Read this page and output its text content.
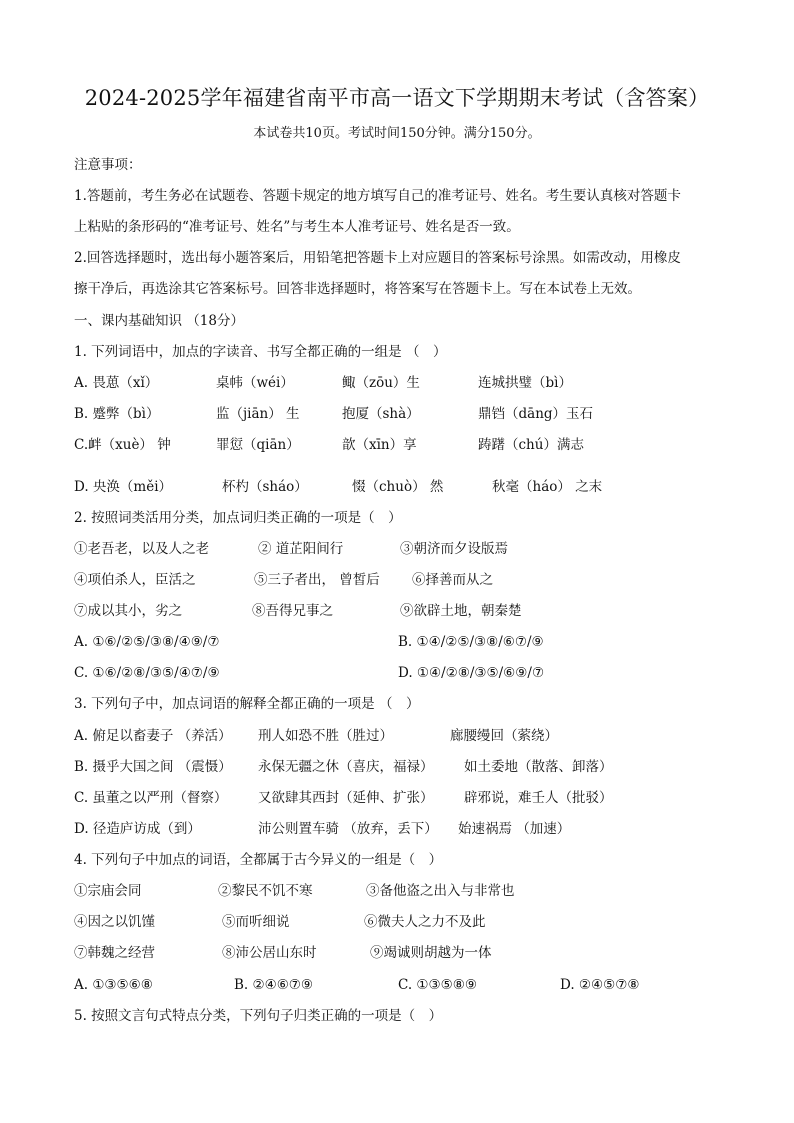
2024-2025学年福建省南平市高一语文下学期期末考试（含答案）
本试卷共10页。考试时间150分钟。满分150分。
注意事项：
1.答题前，考生务必在试题卷、答题卡规定的地方填写自己的准考证号、姓名。考生要认真核对答题卡
上粘贴的条形码的“准考证号、姓名”与考生本人准考证号、姓名是否一致。
2.回答选择题时，选出每小题答案后，用铅笔把答题卡上对应题目的答案标号涂黑。如需改动，用橡皮
擦干净后，再选涂其它答案标号。回答非选择题时，将答案写在答题卡上。写在本试卷上无效。
一、课内基础知识 （18分）
1. 下列词语中，加点的字读音、书写全都正确的一组是 （　）
A. 畏葸（xǐ）	桌帏（wéi）	鲰（zōu）生	连城拱璧（bì）
B. 蹙弊（bì）	监（jiān） 生	抱厦（shà）	鼎铛（dāng）玉石
C.衅（xuè） 钟	罪愆（qiān）	歆（xīn）享	踌躇（chú）满志
D. 央涣（měi）	杯杓（sháo）	惙（chuò） 然	秋毫（háo） 之末
2. 按照词类活用分类，加点词归类正确的一项是（　）
①老吾老，以及人之老	② 道芷阳间行	③朝济而夕设版焉
④项伯杀人，臣活之	⑤三子者出， 曾皙后 ⑥择善而从之
⑦成以其小，劣之	⑧吾得兄事之	⑨欲辟土地，朝秦楚
A. ①⑥/②⑤/③⑧/④⑨/⑦	B. ①④/②⑤/③⑧/⑥⑦/⑨
C. ①⑥/②⑧/③⑤/④⑦/⑨	D. ①④/②⑧/③⑤/⑥⑨/⑦
3. 下列句子中，加点词语的解释全都正确的一项是 （　）
A. 俯足以畜妻子 （养活） 刑人如恐不胜（胜过）	廊腰缦回（萦绕）
B. 摄乎大国之间 （震慑） 永保无疆之休（喜庆，福禄） 如土委地（散落、卸落）
C. 虽董之以严刑（督察） 又欲肆其西封（延伸、扩张） 辟邪说，难壬人（批驳）
D. 径造庐访成（到）	沛公则置车骑 （放弃，丢下） 始速祸焉 （加速）
4. 下列句子中加点的词语，全都属于古今异义的一组是（　）
①宗庙会同	②黎民不饥不寒	③备他盗之出入与非常也
④因之以饥馑	⑤而听细说	⑥微夫人之力不及此
⑦韩魏之经营	⑧沛公居山东时	⑨竭诚则胡越为一体
A. ①③⑤⑥⑧	B. ②④⑥⑦⑨	C. ①③⑤⑧⑨	D. ②④⑤⑦⑧
5. 按照文言句式特点分类，下列句子归类正确的一项是（　）
